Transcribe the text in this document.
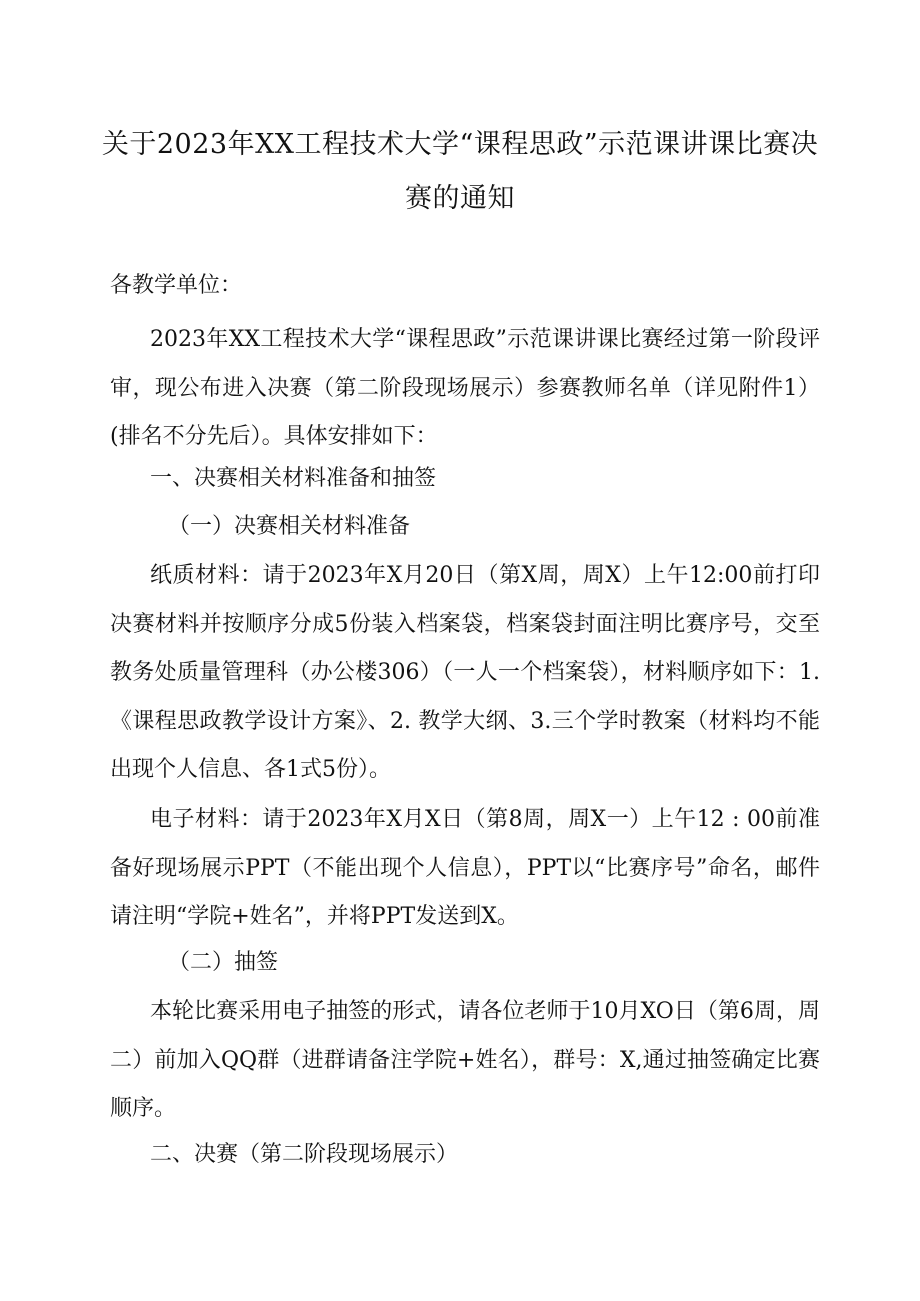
关于2023年XX工程技术大学“课程思政”示范课讲课比赛决赛的通知
各教学单位：
2023年XX工程技术大学“课程思政”示范课讲课比赛经过第一阶段评审，现公布进入决赛（第二阶段现场展示）参赛教师名单（详见附件1）(排名不分先后）。具体安排如下：
一、决赛相关材料准备和抽签
（一）决赛相关材料准备
纸质材料：请于2023年X月20日（第X周，周X）上午12:00前打印决赛材料并按顺序分成5份装入档案袋，档案袋封面注明比赛序号，交至教务处质量管理科（办公楼306）（一人一个档案袋），材料顺序如下：1.《课程思政教学设计方案》、2. 教学大纲、3.三个学时教案（材料均不能出现个人信息、各1式5份）。
电子材料：请于2023年X月X日（第8周，周X一）上午12 : 00前准备好现场展示PPT（不能出现个人信息），PPT以“比赛序号”命名，邮件请注明“学院+姓名”，并将PPT发送到X。
（二）抽签
本轮比赛采用电子抽签的形式，请各位老师于10月XO日（第6周，周二）前加入QQ群（进群请备注学院+姓名），群号：X,通过抽签确定比赛顺序。
二、决赛（第二阶段现场展示）
